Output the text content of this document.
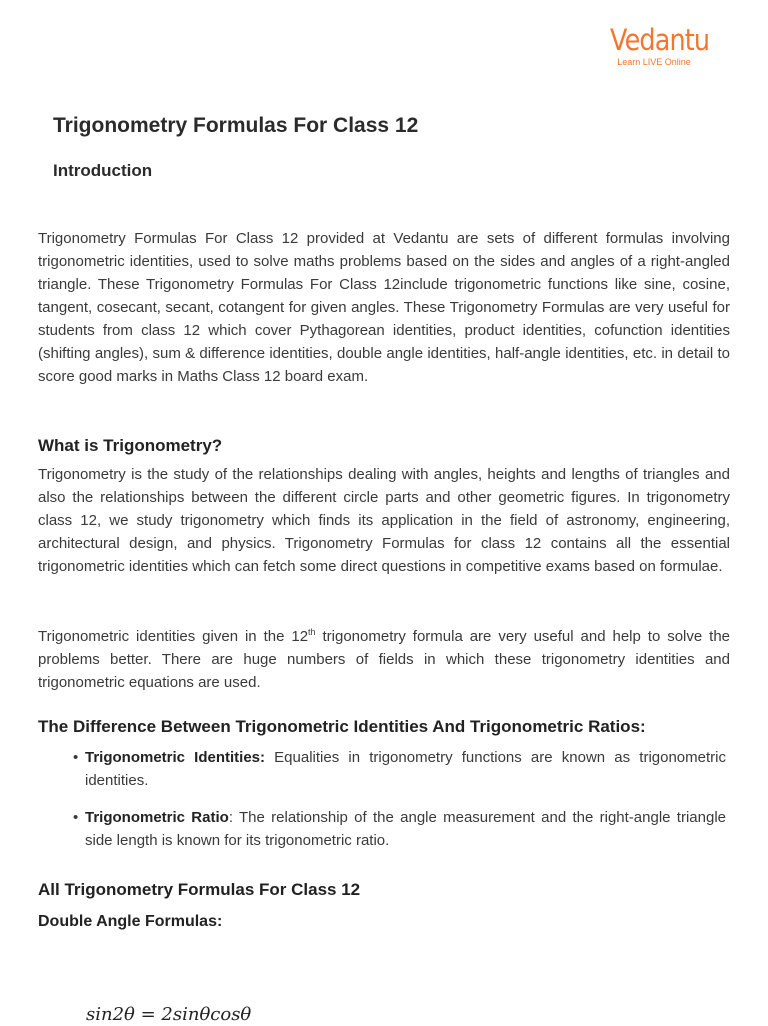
Vedantu
Learn LIVE Online
Trigonometry Formulas For Class 12
Introduction

Trigonometry Formulas For Class 12 provided at Vedantu are sets of different formulas involving trigonometric identities, used to solve maths problems based on the sides and angles of a right-angled triangle. These Trigonometry Formulas For Class 12include trigonometric functions like sine, cosine, tangent, cosecant, secant, cotangent for given angles. These Trigonometry Formulas are very useful for students from class 12 which cover Pythagorean identities, product identities, cofunction identities (shifting angles), sum & difference identities, double angle identities, half-angle identities, etc. in detail to score good marks in Maths Class 12 board exam.

What is Trigonometry?

Trigonometry is the study of the relationships dealing with angles, heights and lengths of triangles and also the relationships between the different circle parts and other geometric figures. In trigonometry class 12, we study trigonometry which finds its application in the field of astronomy, engineering, architectural design, and physics. Trigonometry Formulas for class 12 contains all the essential trigonometric identities which can fetch some direct questions in competitive exams based on formulae.

Trigonometric identities given in the 12th trigonometry formula are very useful and help to solve the problems better. There are huge numbers of fields in which these trigonometry identities and trigonometric equations are used.

The Difference Between Trigonometric Identities And Trigonometric Ratios:
• Trigonometric Identities: Equalities in trigonometry functions are known as trigonometric identities.
• Trigonometric Ratio: The relationship of the angle measurement and the right-angle triangle side length is known for its trigonometric ratio.
All Trigonometry Formulas For Class 12
Double Angle Formulas:
sin2θ = 2sinθcosθ
